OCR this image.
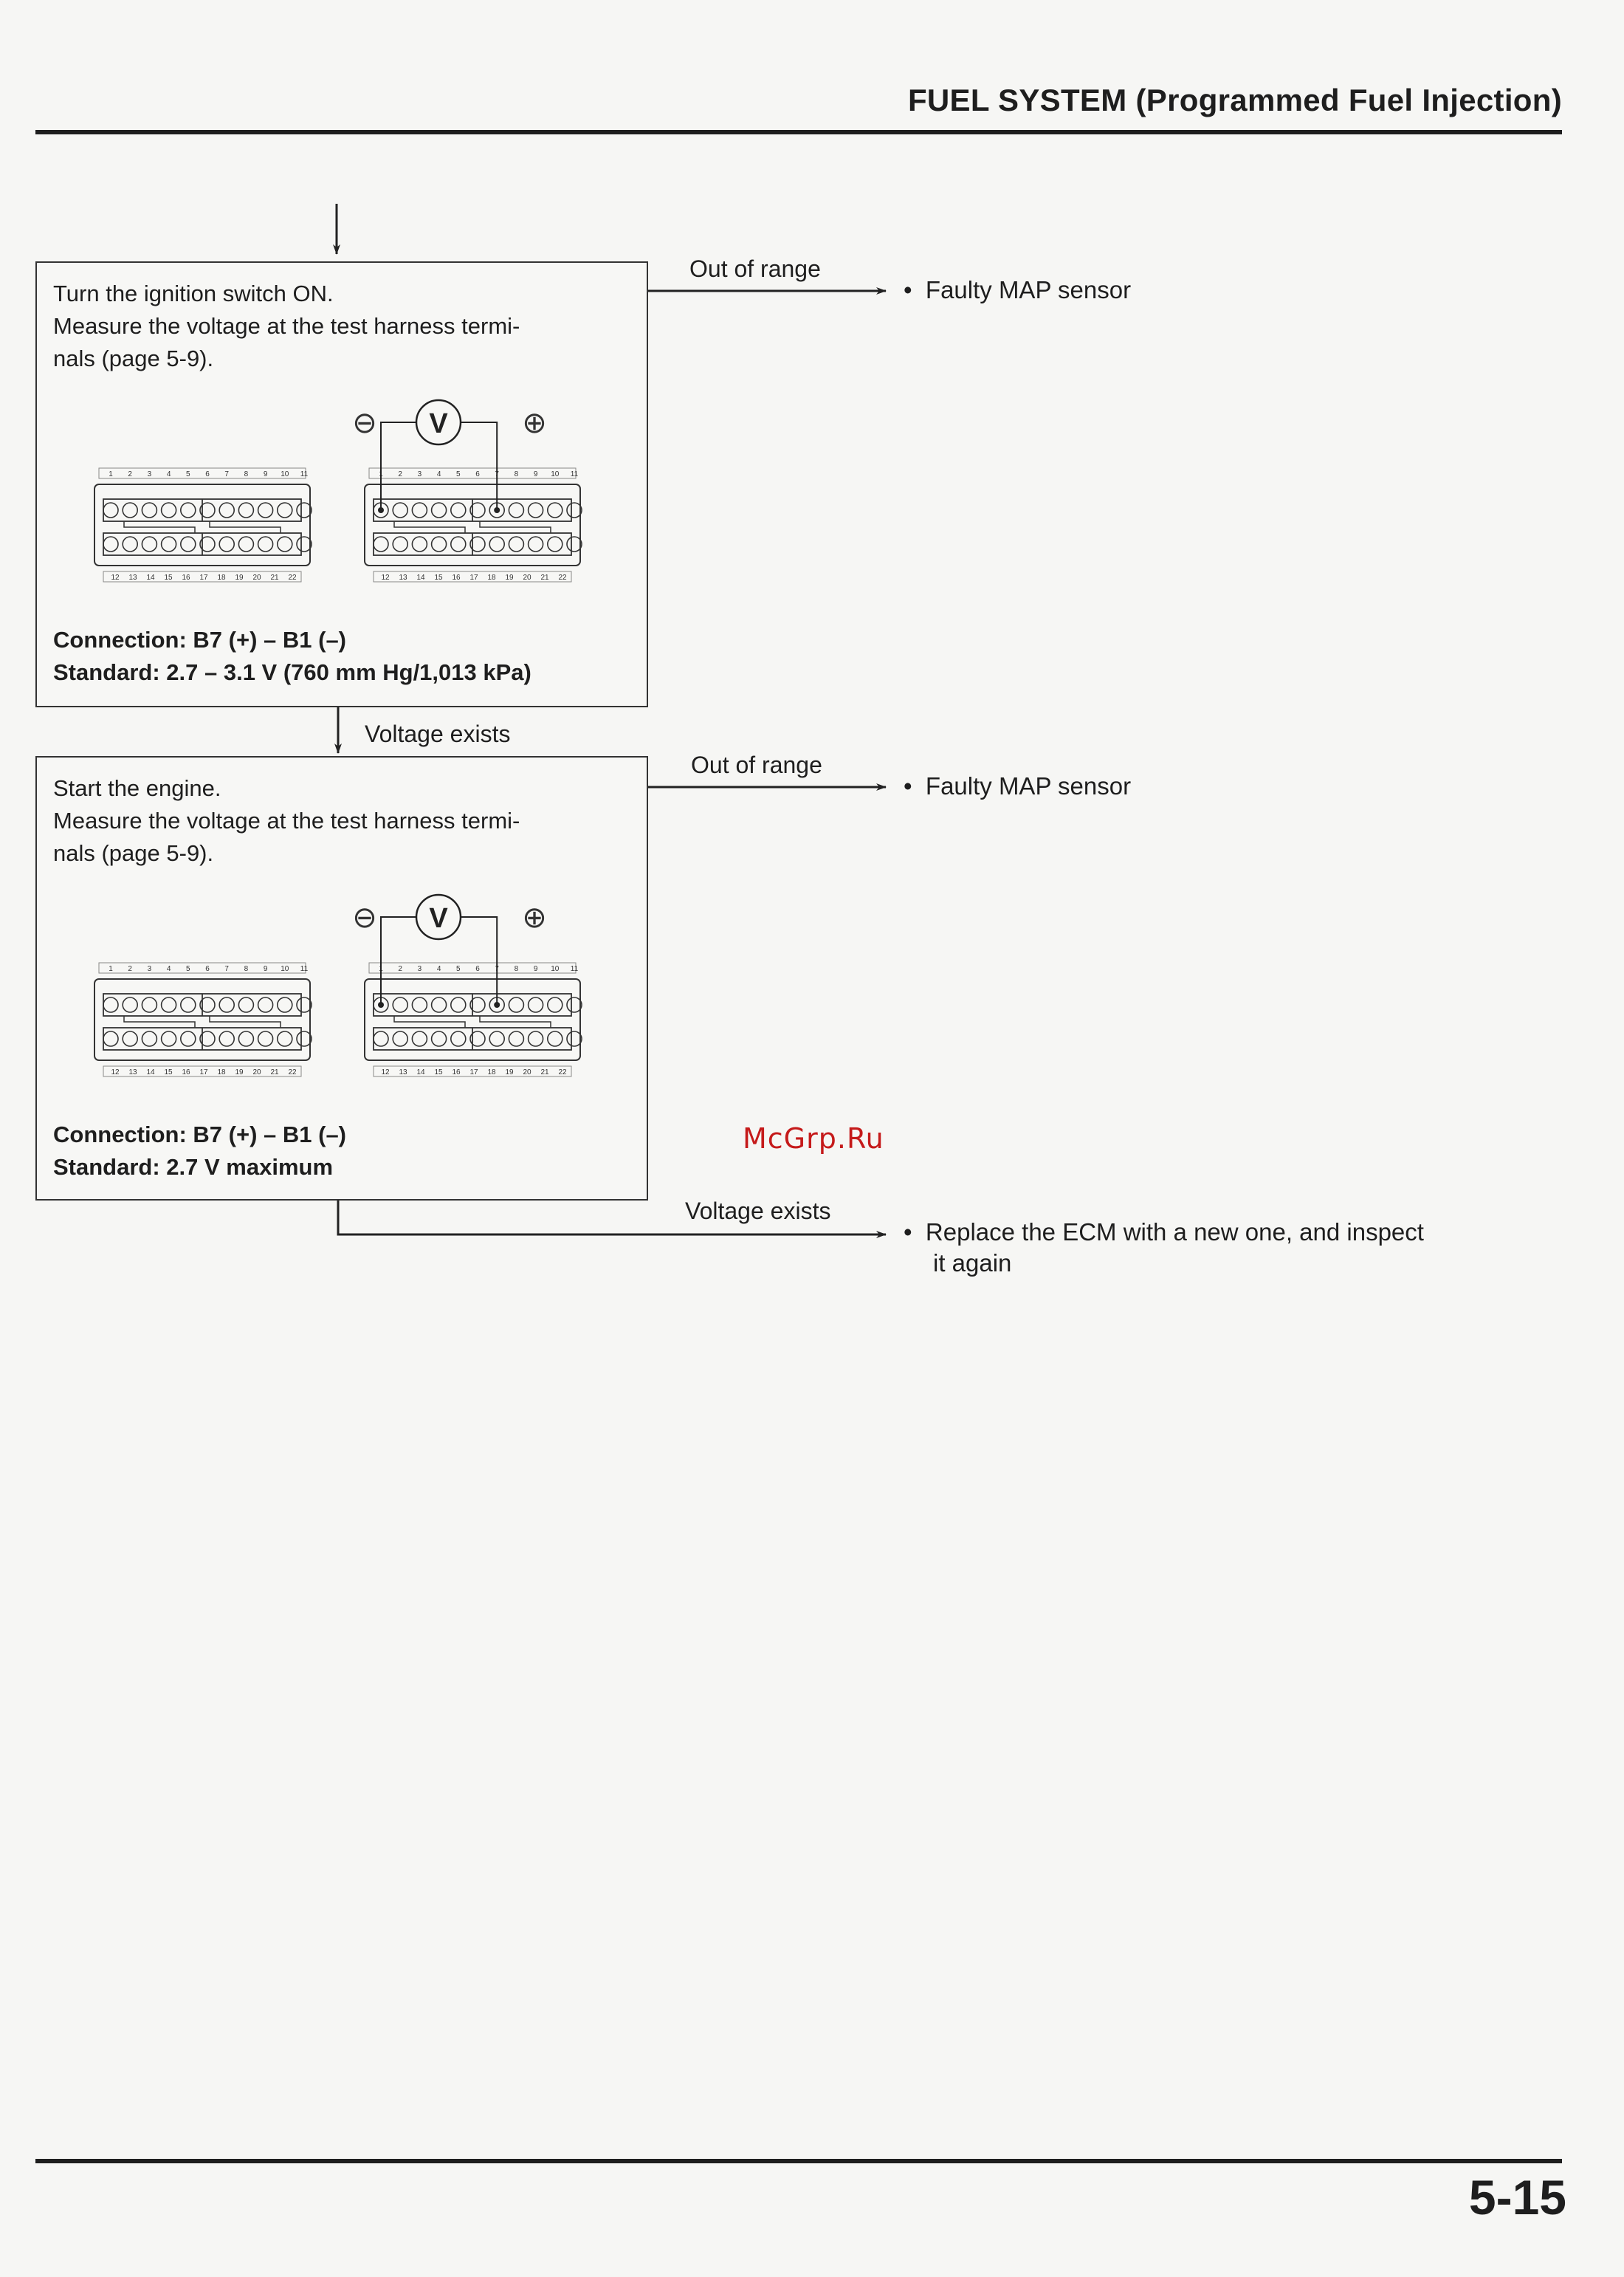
FUEL SYSTEM (Programmed Fuel Injection)
Turn the ignition switch ON.
Measure the voltage at the test harness termi-
nals (page 5-9).
1 2 3 4 5 6 7 8 9 10 11
12 13 14 15 16 17 18 19 20 21 22
1 2 3 4 5 6 7 8 9 10 11
12 13 14 15 16 17 18 19 20 21 22
V
⊖	⊕
Connection: B7 (+) – B1 (–)
Standard: 2.7 – 3.1 V (760 mm Hg/1,013 kPa)
Out of range
• Faulty MAP sensor
Voltage exists
Start the engine.
Measure the voltage at the test harness termi-
nals (page 5-9).
1 2 3 4 5 6 7 8 9 10 11
12 13 14 15 16 17 18 19 20 21 22
1 2 3 4 5 6 7 8 9 10 11
12 13 14 15 16 17 18 19 20 21 22
V
⊖	⊕
Connection: B7 (+) – B1 (–)
Standard: 2.7 V maximum
Out of range
• Faulty MAP sensor
Voltage exists
• Replace the ECM with a new one, and inspect
it again
McGrp.Ru
5-15
